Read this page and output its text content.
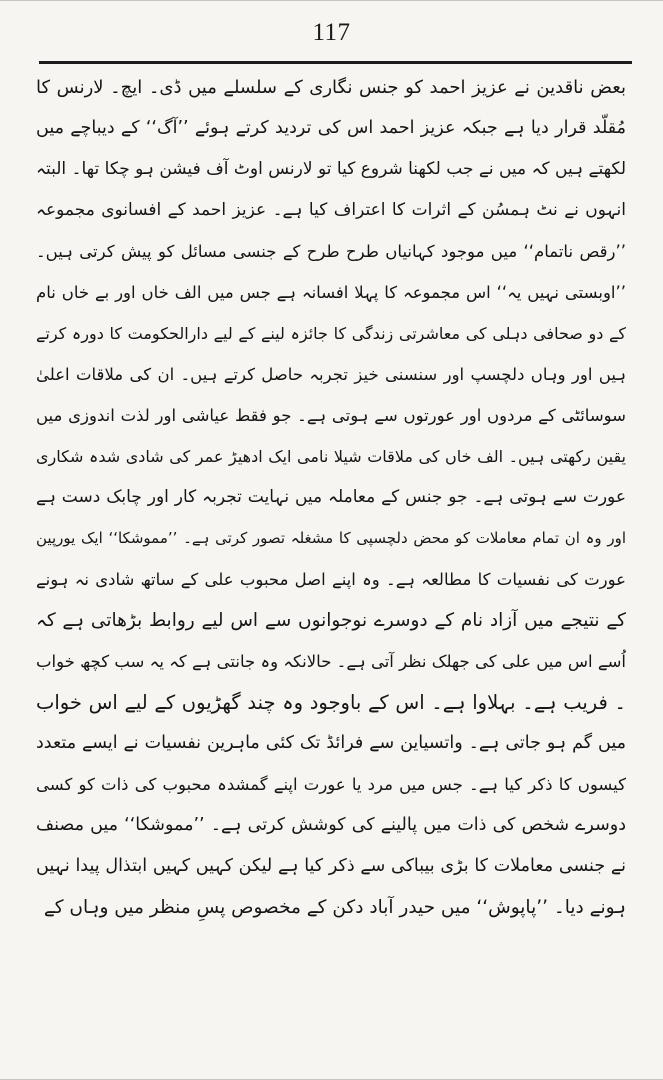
117
بعض ناقدین نے عزیز احمد کو جنس نگاری کے سلسلے میں ڈی۔ ایچ۔ لارنس کا
مُقلّد قرار دیا ہے جبکہ عزیز احمد اس کی تردید کرتے ہوئے ’’آگ‘‘ کے دیباچے میں
لکھتے ہیں کہ میں نے جب لکھنا شروع کیا تو لارنس اوٹ آف فیشن ہو چکا تھا۔ البتہ
انہوں نے نٹ ہمسُن کے اثرات کا اعتراف کیا ہے۔ عزیز احمد کے افسانوی مجموعہ
’’رقص ناتمام‘‘ میں موجود کہانیاں طرح طرح کے جنسی مسائل کو پیش کرتی ہیں۔
’’اوبستی نہیں یہ‘‘ اس مجموعہ کا پہلا افسانہ ہے جس میں الف خاں اور بے خاں نام
کے دو صحافی دہلی کی معاشرتی زندگی کا جائزہ لینے کے لیے دارالحکومت کا دورہ کرتے
ہیں اور وہاں دلچسپ اور سنسنی خیز تجربہ حاصل کرتے ہیں۔ ان کی ملاقات اعلیٰ
سوسائٹی کے مردوں اور عورتوں سے ہوتی ہے۔ جو فقط عیاشی اور لذت اندوزی میں
یقین رکھتی ہیں۔ الف خاں کی ملاقات شیلا نامی ایک ادھیڑ عمر کی شادی شدہ شکاری
عورت سے ہوتی ہے۔ جو جنس کے معاملہ میں نہایت تجربہ کار اور چابک دست ہے
اور وہ ان تمام معاملات کو محض دلچسپی کا مشغلہ تصور کرتی ہے۔ ’’مموشکا‘‘ ایک یورپین
عورت کی نفسیات کا مطالعہ ہے۔ وہ اپنے اصل محبوب علی کے ساتھ شادی نہ ہونے
کے نتیجے میں آزاد نام کے دوسرے نوجوانوں سے اس لیے روابط بڑھاتی ہے کہ
اُسے اس میں علی کی جھلک نظر آتی ہے۔ حالانکہ وہ جانتی ہے کہ یہ سب کچھ خواب
۔ فریب ہے۔ بہلاوا ہے۔ اس کے باوجود وہ چند گھڑیوں کے لیے اس خواب
میں گم ہو جاتی ہے۔ واتسیاین سے فرائڈ تک کئی ماہرین نفسیات نے ایسے متعدد
کیسوں کا ذکر کیا ہے۔ جس میں مرد یا عورت اپنے گمشدہ محبوب کی ذات کو کسی
دوسرے شخص کی ذات میں پالینے کی کوشش کرتی ہے۔ ’’مموشکا‘‘ میں مصنف
نے جنسی معاملات کا بڑی بیباکی سے ذکر کیا ہے لیکن کہیں کہیں ابتذال پیدا نہیں
ہونے دیا۔ ’’پاپوش‘‘ میں حیدر آباد دکن کے مخصوص پسِ منظر میں وہاں کے
